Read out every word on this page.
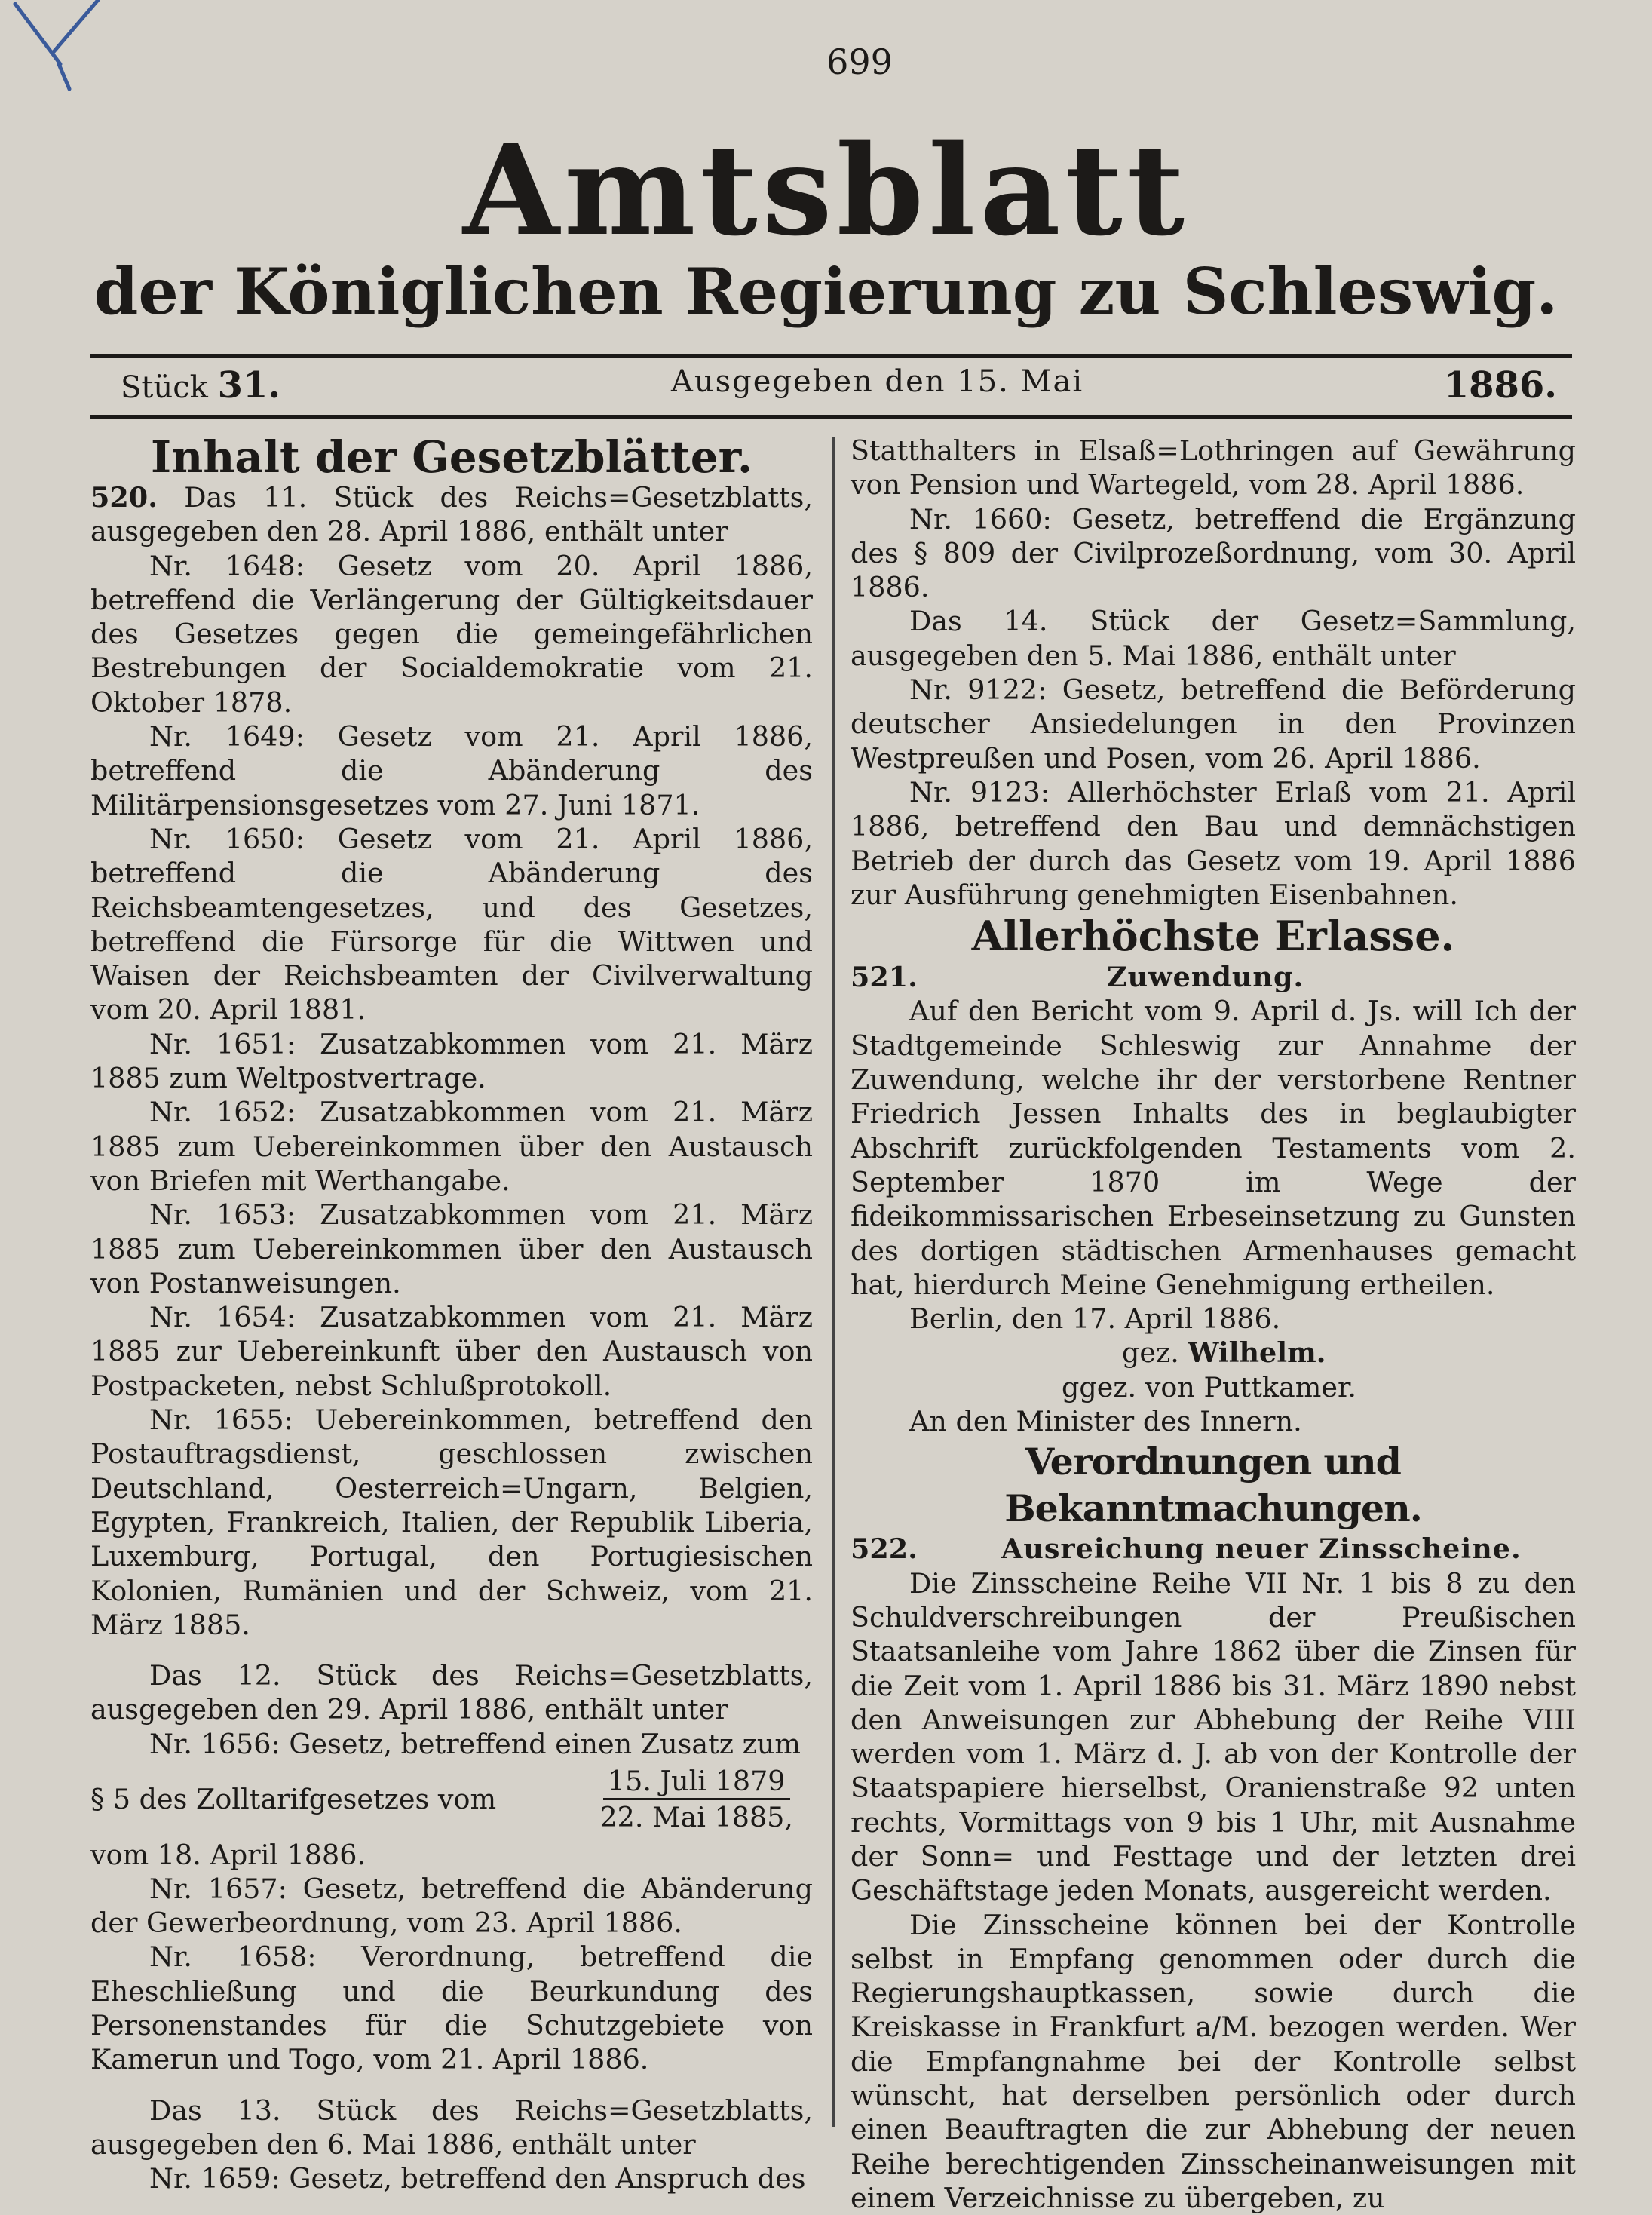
699
Amtsblatt
der Königlichen Regierung zu Schleswig.
Stück 31.	Ausgegeben den 15. Mai	1886.

Inhalt der Gesetzblätter.

520. Das 11. Stück des Reichs=Gesetzblatts, ausgegeben den 28. April 1886, enthält unter

Nr. 1648: Gesetz vom 20. April 1886, betreffend die Verlängerung der Gültigkeitsdauer des Gesetzes gegen die gemeingefährlichen Bestrebungen der Socialdemokratie vom 21. Oktober 1878.

Nr. 1649: Gesetz vom 21. April 1886, betreffend die Abänderung des Militärpensionsgesetzes vom 27. Juni 1871.

Nr. 1650: Gesetz vom 21. April 1886, betreffend die Abänderung des Reichsbeamtengesetzes, und des Gesetzes, betreffend die Fürsorge für die Wittwen und Waisen der Reichsbeamten der Civilverwaltung vom 20. April 1881.

Nr. 1651: Zusatzabkommen vom 21. März 1885 zum Weltpostvertrage.

Nr. 1652: Zusatzabkommen vom 21. März 1885 zum Uebereinkommen über den Austausch von Briefen mit Werthangabe.

Nr. 1653: Zusatzabkommen vom 21. März 1885 zum Uebereinkommen über den Austausch von Postanweisungen.

Nr. 1654: Zusatzabkommen vom 21. März 1885 zur Uebereinkunft über den Austausch von Postpacketen, nebst Schlußprotokoll.

Nr. 1655: Uebereinkommen, betreffend den Postauftragsdienst, geschlossen zwischen Deutschland, Oesterreich=Ungarn, Belgien, Egypten, Frankreich, Italien, der Republik Liberia, Luxemburg, Portugal, den Portugiesischen Kolonien, Rumänien und der Schweiz, vom 21. März 1885.

Das 12. Stück des Reichs=Gesetzblatts, ausgegeben den 29. April 1886, enthält unter

Nr. 1656: Gesetz, betreffend einen Zusatz zum

§ 5 des Zolltarifgesetzes vom	$\frac{\text{15. Juli 1879}}{\text{22. Mai 1885,}}$

vom 18. April 1886.

Nr. 1657: Gesetz, betreffend die Abänderung der Gewerbeordnung, vom 23. April 1886.

Nr. 1658: Verordnung, betreffend die Eheschließung und die Beurkundung des Personenstandes für die Schutzgebiete von Kamerun und Togo, vom 21. April 1886.

Das 13. Stück des Reichs=Gesetzblatts, ausgegeben den 6. Mai 1886, enthält unter

Nr. 1659: Gesetz, betreffend den Anspruch des

Statthalters in Elsaß=Lothringen auf Gewährung von Pension und Wartegeld, vom 28. April 1886.

Nr. 1660: Gesetz, betreffend die Ergänzung des § 809 der Civilprozeßordnung, vom 30. April 1886.

Das 14. Stück der Gesetz=Sammlung, ausgegeben den 5. Mai 1886, enthält unter

Nr. 9122: Gesetz, betreffend die Beförderung deutscher Ansiedelungen in den Provinzen Westpreußen und Posen, vom 26. April 1886.

Nr. 9123: Allerhöchster Erlaß vom 21. April 1886, betreffend den Bau und demnächstigen Betrieb der durch das Gesetz vom 19. April 1886 zur Ausführung genehmigten Eisenbahnen.

Allerhöchste Erlasse.

521.	Zuwendung.

Auf den Bericht vom 9. April d. Js. will Ich der Stadtgemeinde Schleswig zur Annahme der Zuwendung, welche ihr der verstorbene Rentner Friedrich Jessen Inhalts des in beglaubigter Abschrift zurückfolgenden Testaments vom 2. September 1870 im Wege der fideikommissarischen Erbeseinsetzung zu Gunsten des dortigen städtischen Armenhauses gemacht hat, hierdurch Meine Genehmigung ertheilen.

Berlin, den 17. April 1886.

gez. Wilhelm.

ggez. von Puttkamer.

An den Minister des Innern.

Verordnungen und Bekanntmachungen.

522.	Ausreichung neuer Zinsscheine.

Die Zinsscheine Reihe VII Nr. 1 bis 8 zu den Schuldverschreibungen der Preußischen Staatsanleihe vom Jahre 1862 über die Zinsen für die Zeit vom 1. April 1886 bis 31. März 1890 nebst den Anweisungen zur Abhebung der Reihe VIII werden vom 1. März d. J. ab von der Kontrolle der Staatspapiere hierselbst, Oranienstraße 92 unten rechts, Vormittags von 9 bis 1 Uhr, mit Ausnahme der Sonn= und Festtage und der letzten drei Geschäftstage jeden Monats, ausgereicht werden.

Die Zinsscheine können bei der Kontrolle selbst in Empfang genommen oder durch die Regierungshauptkassen, sowie durch die Kreiskasse in Frankfurt a/M. bezogen werden. Wer die Empfangnahme bei der Kontrolle selbst wünscht, hat derselben persönlich oder durch einen Beauftragten die zur Abhebung der neuen Reihe berechtigenden Zinsscheinanweisungen mit einem Verzeichnisse zu übergeben, zu
